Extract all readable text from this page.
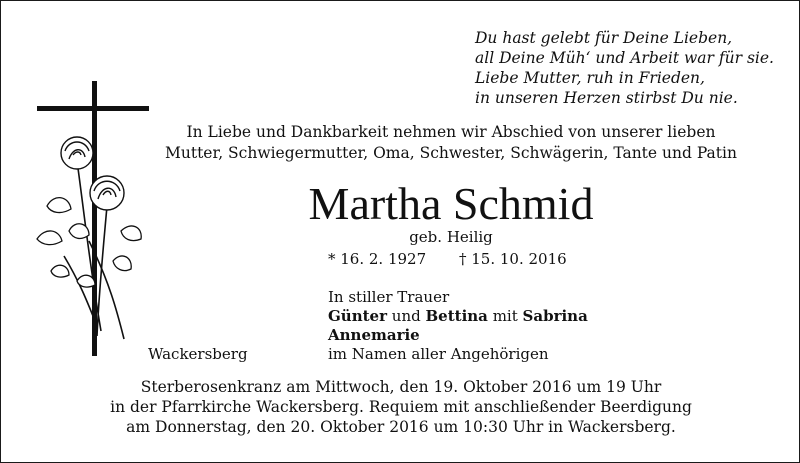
Du hast gelebt für Deine Lieben,
all Deine Müh‘ und Arbeit war für sie.
Liebe Mutter, ruh in Frieden,
in unseren Herzen stirbst Du nie.
In Liebe und Dankbarkeit nehmen wir Abschied von unserer lieben
Mutter, Schwiegermutter, Oma, Schwester, Schwägerin, Tante und Patin
Martha Schmid
geb. Heilig
* 16. 2. 1927 † 15. 10. 2016
In stiller Trauer
Günter und Bettina mit Sabrina
Annemarie
im Namen aller Angehörigen
Wackersberg
Sterberosenkranz am Mittwoch, den 19. Oktober 2016 um 19 Uhr
in der Pfarrkirche Wackersberg. Requiem mit anschließender Beerdigung
am Donnerstag, den 20. Oktober 2016 um 10:30 Uhr in Wackersberg.
